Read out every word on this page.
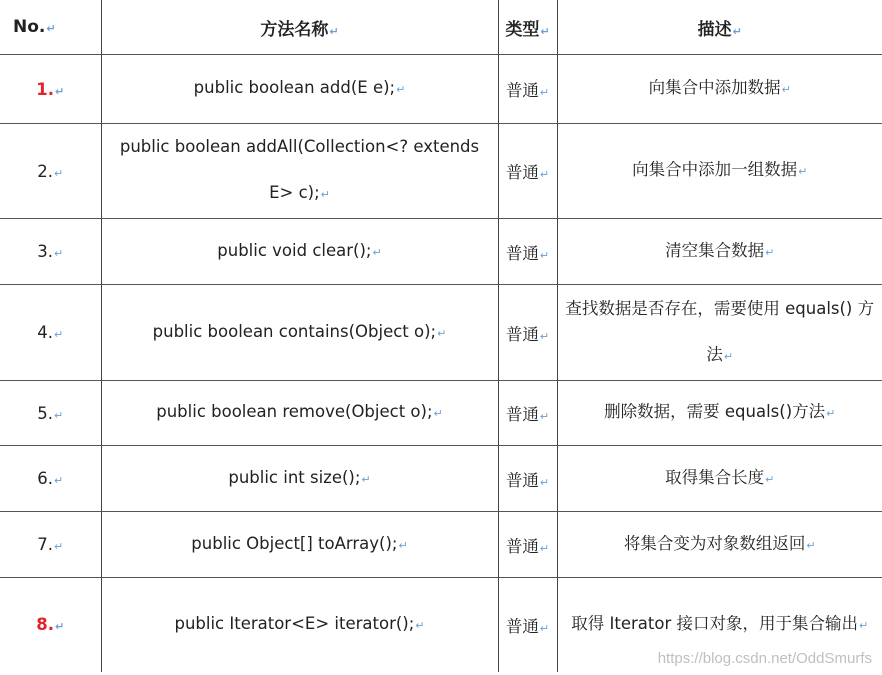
No.↵	方法名称↵	类型↵	描述↵
1.↵	public boolean add(E e);↵	普通↵	向集合中添加数据↵
2.↵	public boolean addAll(Collection<? extends E> c);↵	普通↵	向集合中添加一组数据↵
3.↵	public void clear();↵	普通↵	清空集合数据↵
4.↵	public boolean contains(Object o);↵	普通↵	查找数据是否存在，需要使用 equals() 方法↵
5.↵	public boolean remove(Object o);↵	普通↵	删除数据，需要 equals()方法↵
6.↵	public int size();↵	普通↵	取得集合长度↵
7.↵	public Object[] toArray();↵	普通↵	将集合变为对象数组返回↵
8.↵	public Iterator<E> iterator();↵	普通↵	取得 Iterator 接口对象，用于集合输出↵
https://blog.csdn.net/OddSmurfs
